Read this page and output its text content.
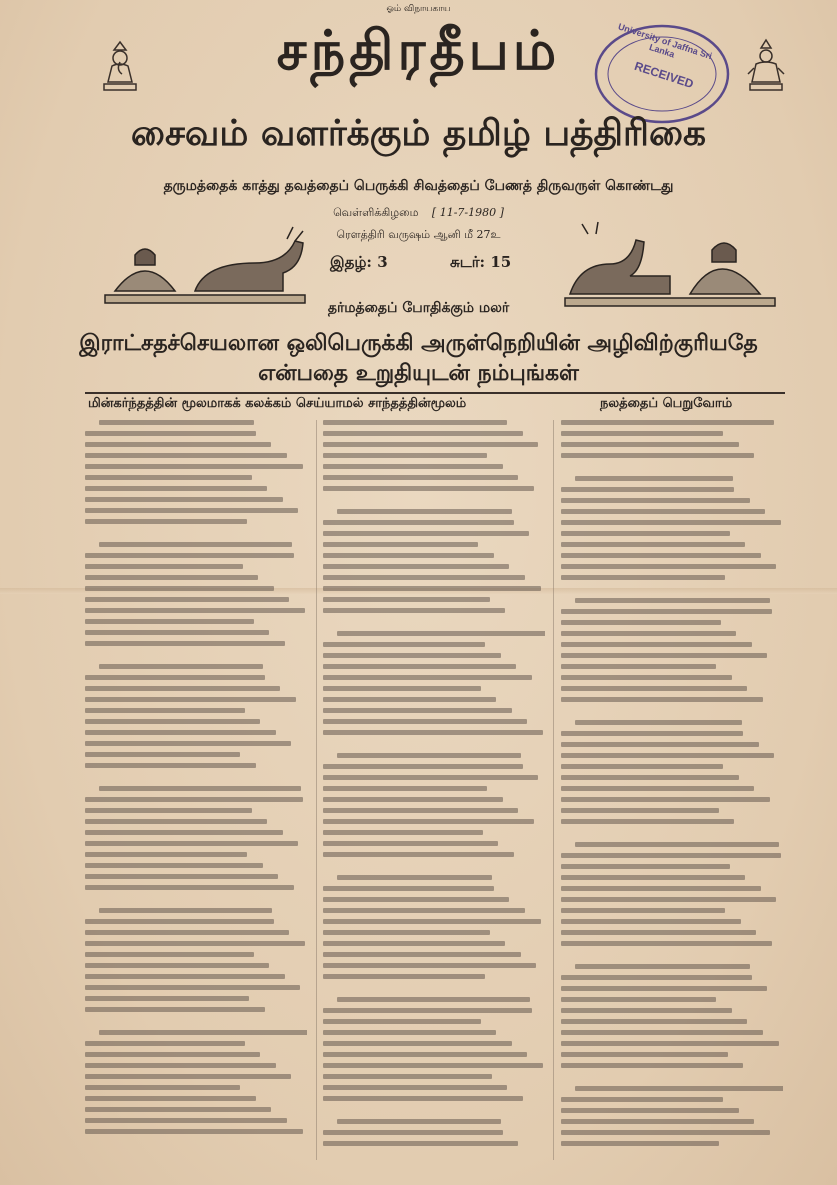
ஓம் விநாயகாய
University of Jaffna Sri Lanka
RECEIVED
சந்திரதீபம்
சைவம் வளர்க்கும் தமிழ் பத்திரிகை
தருமத்தைக் காத்து தவத்தைப் பெருக்கி சிவத்தைப் பேணத் திருவருள் கொண்டது
வெள்ளிக்கிழமை [ 11-7-1980 ]
ரௌத்திரி வருஷம் ஆனி மீ 27உ
இதழ்: 3	சுடர்: 15
தர்மத்தைப் போதிக்கும் மலர்
இராட்சதச்செயலான ஒலிபெருக்கி அருள்நெறியின் அழிவிற்குரியதே
என்பதை உறுதியுடன் நம்புங்கள்
மின்கர்ந்தத்தின் மூலமாகக் கலக்கம் செய்யாமல் சாந்தத்தின்மூலம்	நலத்தைப் பெறுவோம்
